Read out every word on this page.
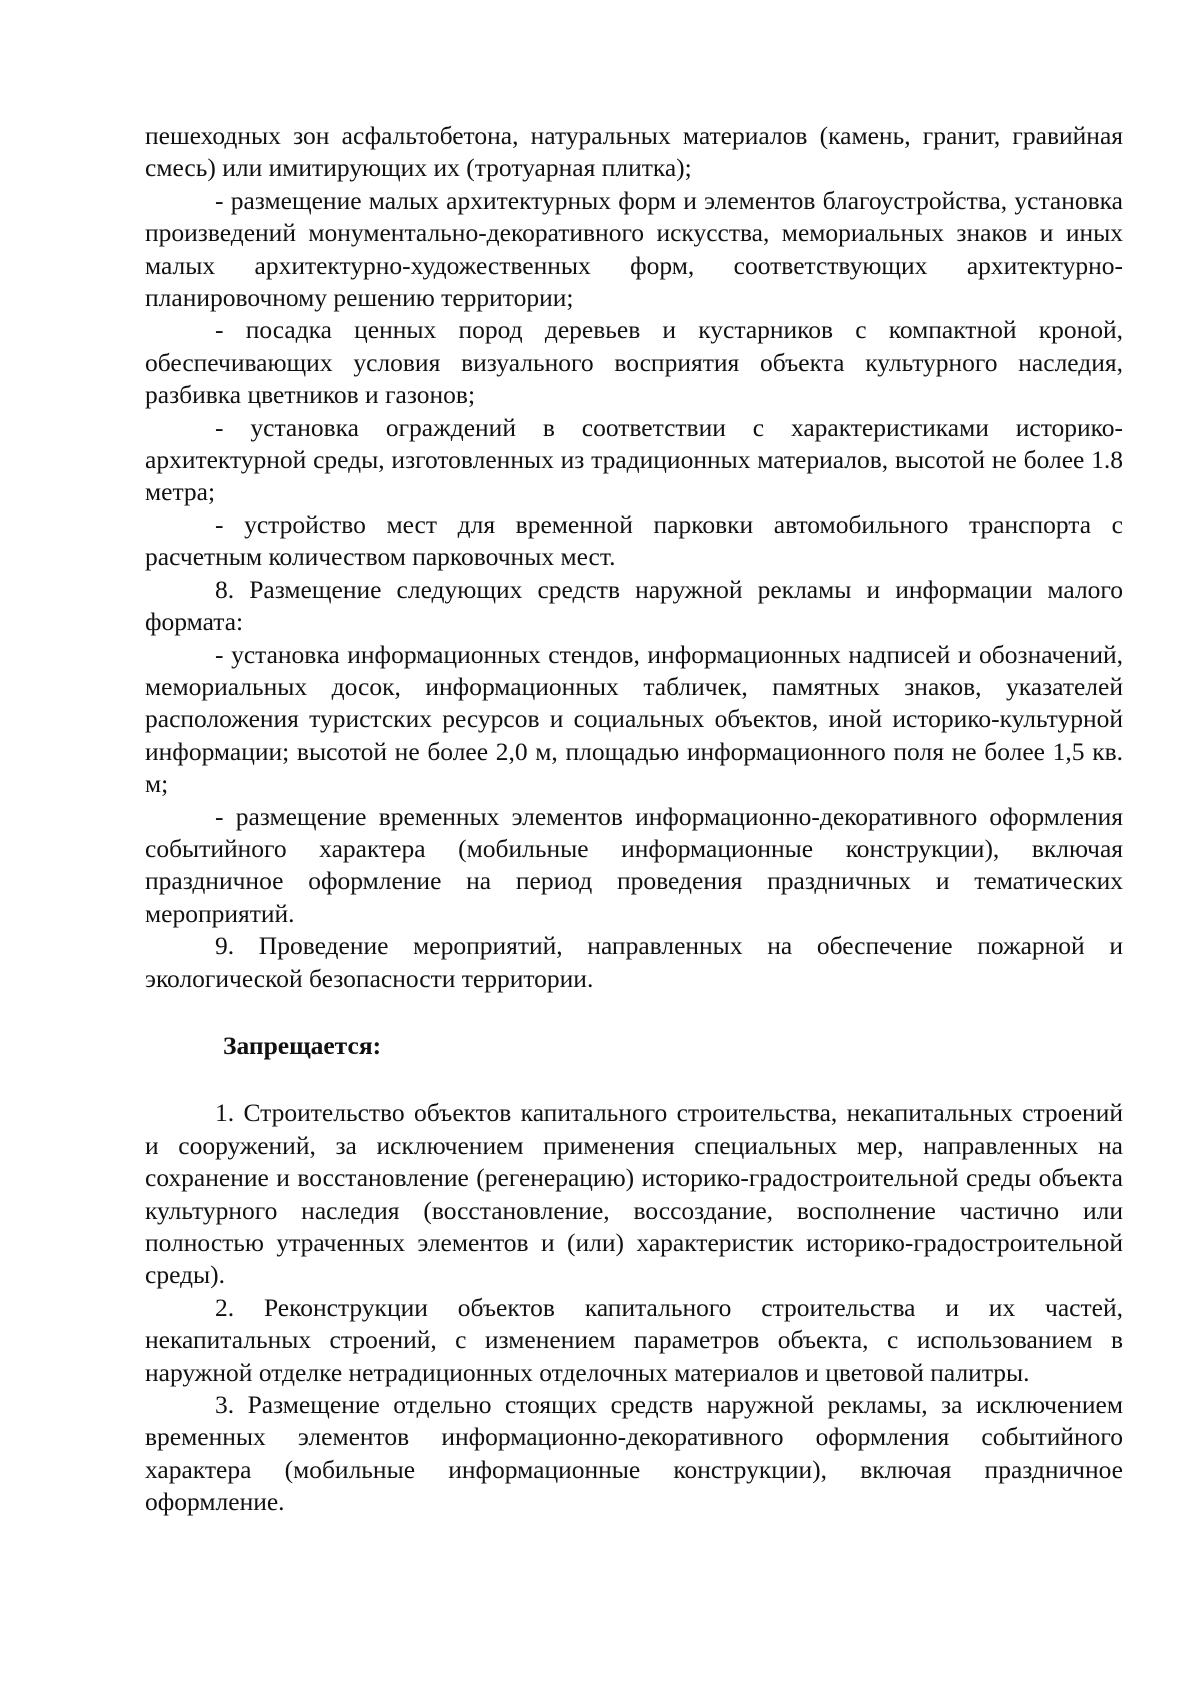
пешеходных зон асфальтобетона, натуральных материалов (камень, гранит, гравийная смесь) или имитирующих их (тротуарная плитка);

- размещение малых архитектурных форм и элементов благоустройства, установка произведений монументально-декоративного искусства, мемориальных знаков и иных малых архитектурно-художественных форм, соответствующих архитектурно-планировочному решению территории;

- посадка ценных пород деревьев и кустарников с компактной кроной, обеспечивающих условия визуального восприятия объекта культурного наследия, разбивка цветников и газонов;

- установка ограждений в соответствии с характеристиками историко-архитектурной среды, изготовленных из традиционных материалов, высотой не более 1.8 метра;

- устройство мест для временной парковки автомобильного транспорта с расчетным количеством парковочных мест.

8. Размещение следующих средств наружной рекламы и информации малого формата:

- установка информационных стендов, информационных надписей и обозначений, мемориальных досок, информационных табличек, памятных знаков, указателей расположения туристских ресурсов и социальных объектов, иной историко-культурной информации; высотой не более 2,0 м, площадью информационного поля не более 1,5 кв. м;

- размещение временных элементов информационно-декоративного оформления событийного характера (мобильные информационные конструкции), включая праздничное оформление на период проведения праздничных и тематических мероприятий.

9. Проведение мероприятий, направленных на обеспечение пожарной и экологической безопасности территории.

Запрещается:

1. Строительство объектов капитального строительства, некапитальных строений и сооружений, за исключением применения специальных мер, направленных на сохранение и восстановление (регенерацию) историко-градостроительной среды объекта культурного наследия (восстановление, воссоздание, восполнение частично или полностью утраченных элементов и (или) характеристик историко-градостроительной среды).

2. Реконструкции объектов капитального строительства и их частей, некапитальных строений, с изменением параметров объекта, с использованием в наружной отделке нетрадиционных отделочных материалов и цветовой палитры.

3. Размещение отдельно стоящих средств наружной рекламы, за исключением временных элементов информационно-декоративного оформления событийного характера (мобильные информационные конструкции), включая праздничное оформление.
